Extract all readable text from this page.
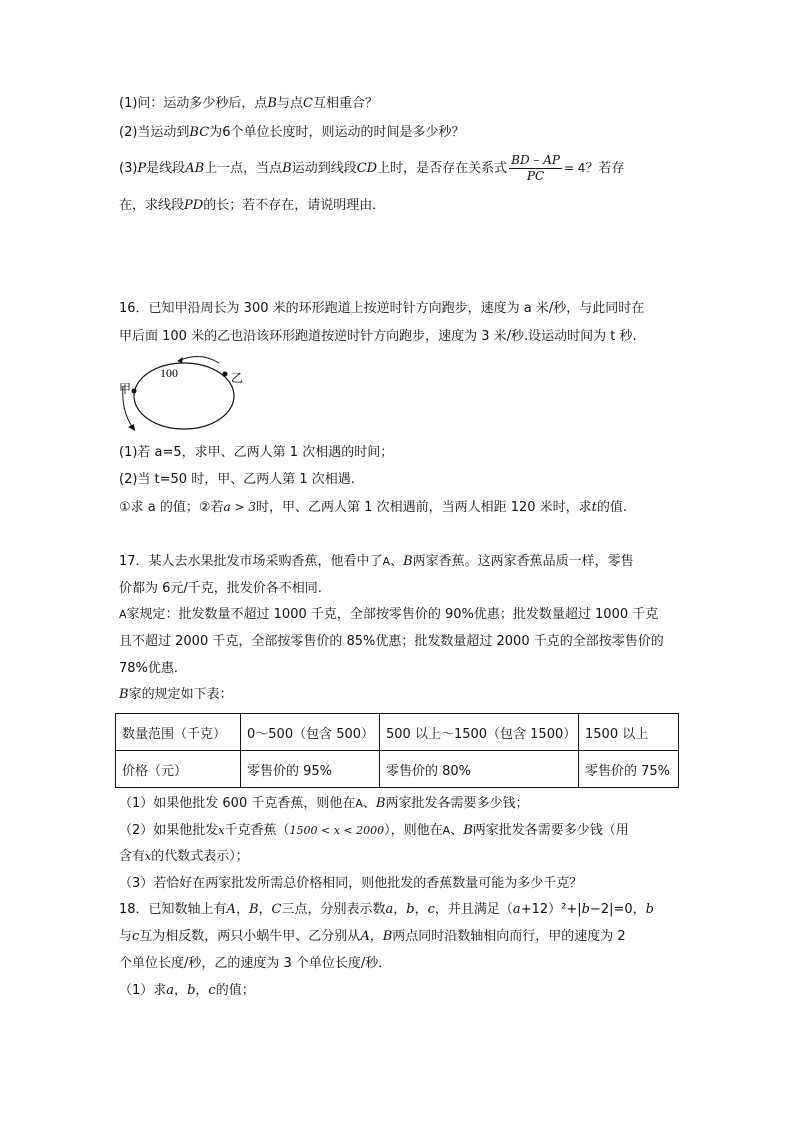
(1)问：运动多少秒后，点B与点C互相重合？
(2)当运动到BC为6个单位长度时，则运动的时间是多少秒？
(3)P是线段AB上一点，当点B运动到线段CD上时，是否存在关系式 $\frac{BD - AP}{PC} = 4$？若存
在，求线段PD的长；若不存在，请说明理由．
16．已知甲沿周长为 300 米的环形跑道上按逆时针方向跑步，速度为 a 米/秒，与此同时在
甲后面 100 米的乙也沿该环形跑道按逆时针方向跑步，速度为 3 米/秒.设运动时间为 t 秒.
100
甲
乙
(1)若 a=5，求甲、乙两人第 1 次相遇的时间；
(2)当 t=50 时，甲、乙两人第 1 次相遇.
①求 a 的值；②若a > 3时，甲、乙两人第 1 次相遇前，当两人相距 120 米时，求t的值.
17．某人去水果批发市场采购香蕉，他看中了A、B两家香蕉。这两家香蕉品质一样，零售
价都为 6元/千克，批发价各不相同.
A家规定：批发数量不超过 1000 千克，全部按零售价的 90%优惠；批发数量超过 1000 千克
且不超过 2000 千克，全部按零售价的 85%优惠；批发数量超过 2000 千克的全部按零售价的
78%优惠.
B家的规定如下表：
数量范围（千克）	0～500（包含 500）	500 以上～1500（包含 1500）	1500 以上
价格（元）	零售价的 95%	零售价的 80%	零售价的 75%
（1）如果他批发 600 千克香蕉，则他在A、B两家批发各需要多少钱；
（2）如果他批发x千克香蕉（1500 < x < 2000），则他在A、B两家批发各需要多少钱（用
含有x的代数式表示）；
（3）若恰好在两家批发所需总价格相同，则他批发的香蕉数量可能为多少千克？
18．已知数轴上有A，B，C三点，分别表示数a，b，c，并且满足（a+12）²+|b−2|=0，b
与c互为相反数，两只小蜗牛甲、乙分别从A，B两点同时沿数轴相向而行，甲的速度为 2
个单位长度/秒，乙的速度为 3 个单位长度/秒．
（1）求a，b，c的值；
